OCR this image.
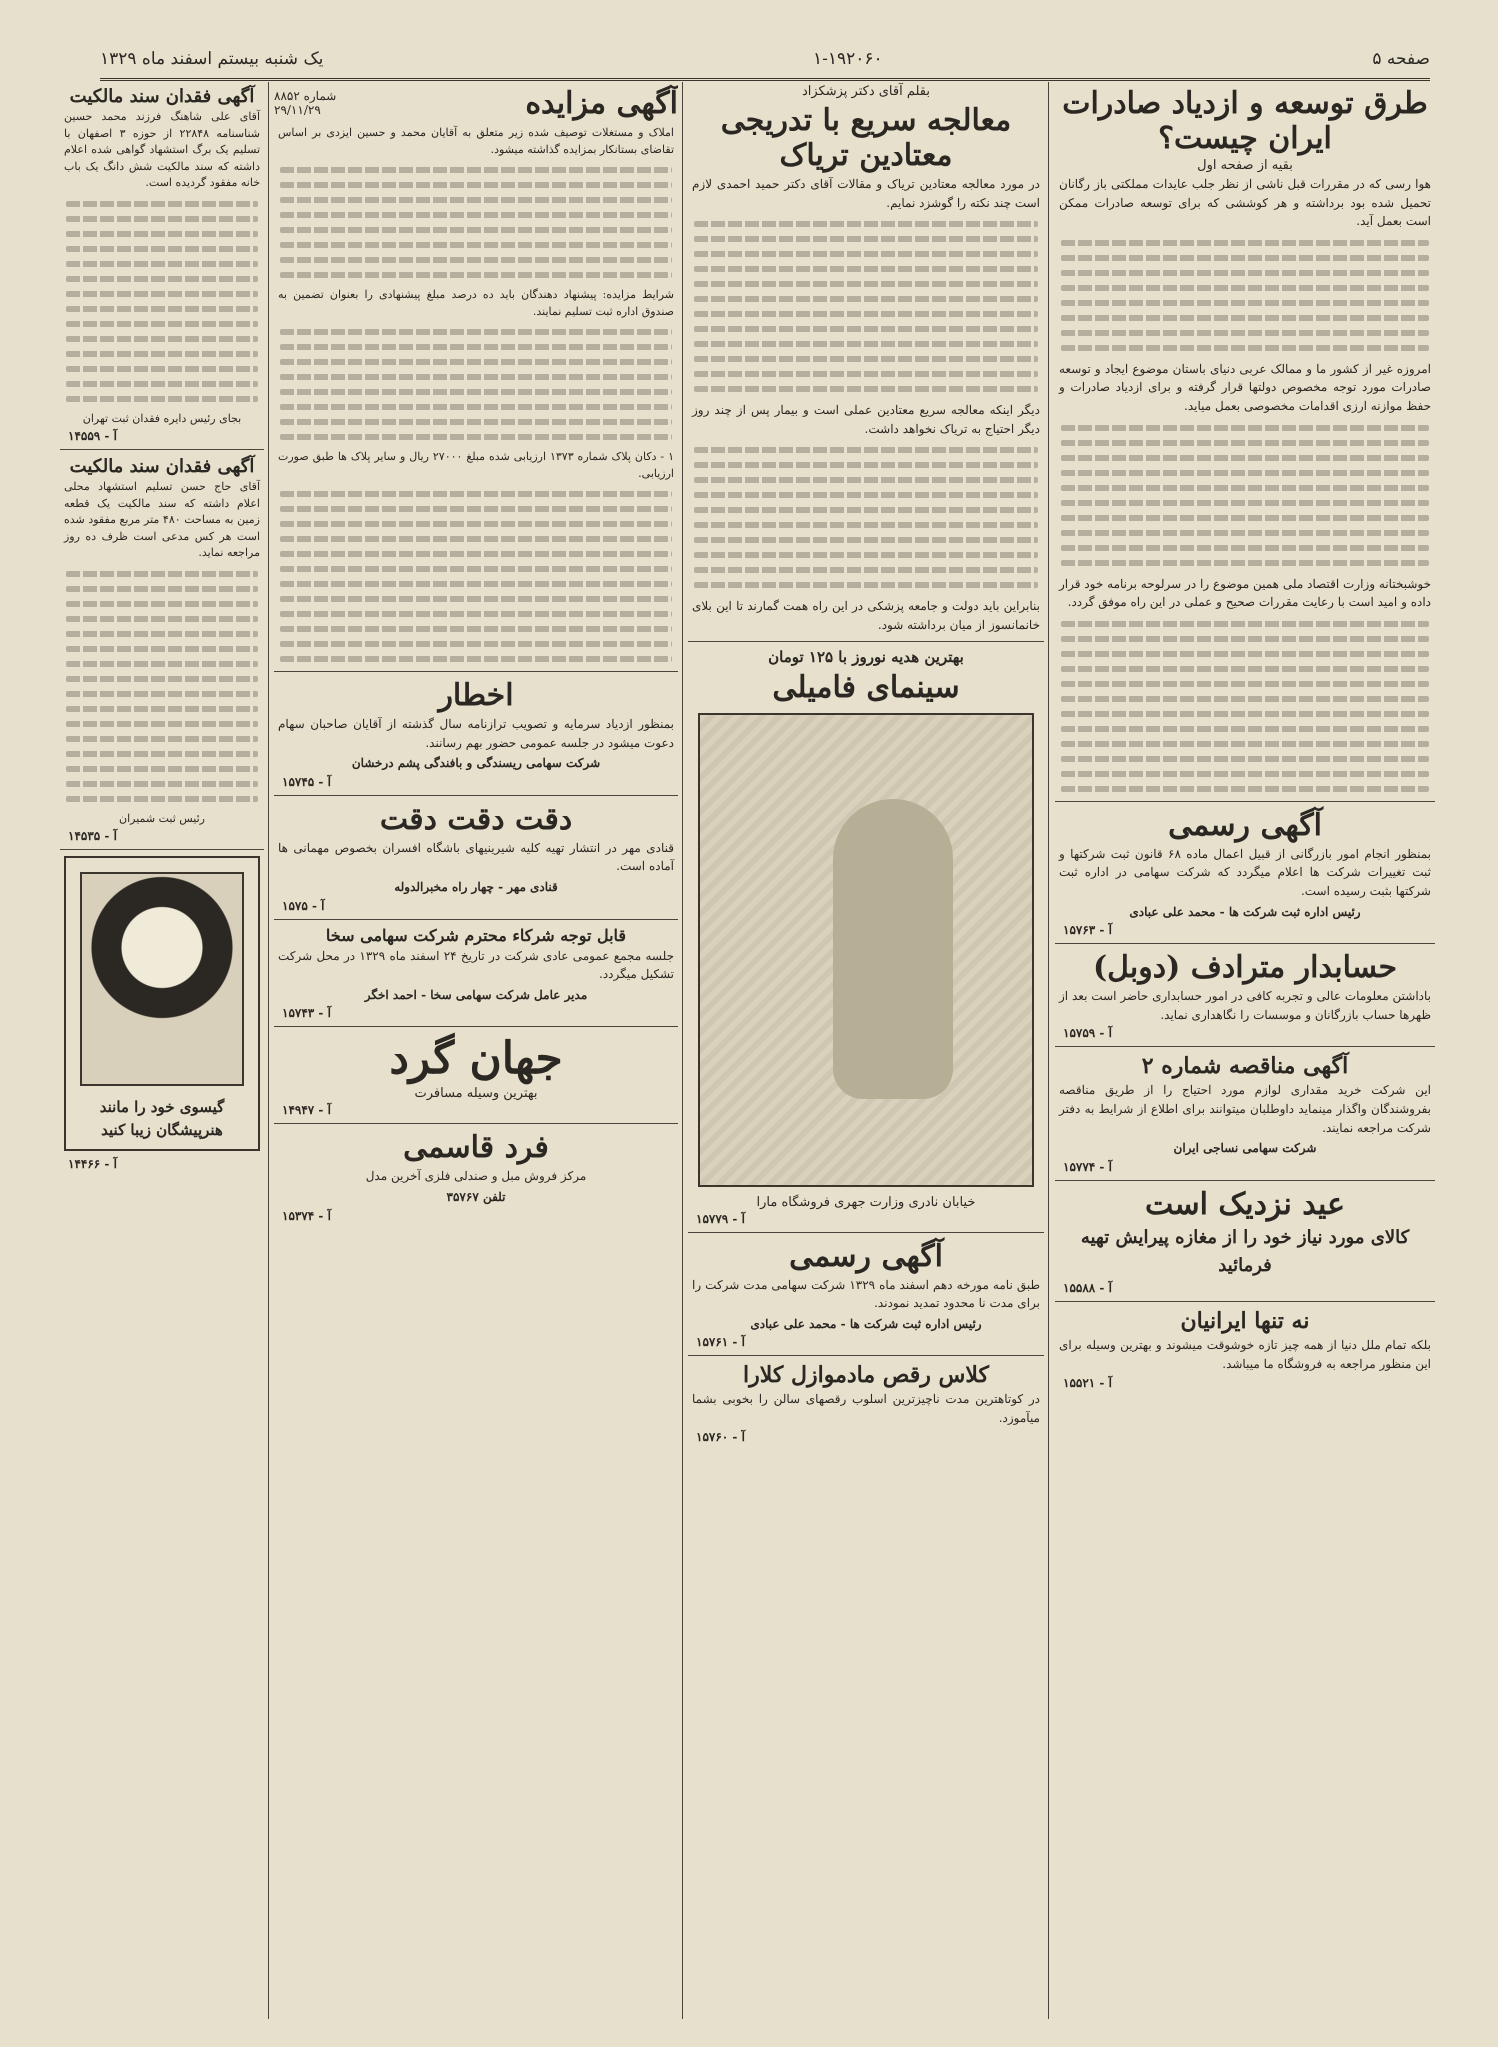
صفحه ۵
۱-۱۹۲۰۶۰
یک شنبه بیستم اسفند ماه ۱۳۲۹
طرق توسعه و ازدیاد صادرات ایران چیست؟
بقیه از صفحه اول
هوا رسی که در مقررات قبل ناشی از نظر جلب عایدات مملکتی باز رگانان تحمیل شده بود برداشته و هر کوششی که برای توسعه صادرات ممکن است بعمل آید.
امروزه غیر از کشور ما و ممالک عربی دنیای باستان موضوع ایجاد و توسعه صادرات مورد توجه مخصوص دولتها قرار گرفته و برای ازدیاد صادرات و حفظ موازنه ارزی اقدامات مخصوصی بعمل میاید.
خوشبختانه وزارت اقتصاد ملی همین موضوع را در سرلوحه برنامه خود قرار داده و امید است با رعایت مقررات صحیح و عملی در این راه موفق گردد.
آگهی رسمی
بمنظور انجام امور بازرگانی از قبیل اعمال ماده ۶۸ قانون ثبت شرکتها و ثبت تغییرات شرکت ها اعلام میگردد که شرکت سهامی در اداره ثبت شرکتها بثبت رسیده است.
رئیس اداره ثبت شرکت ها - محمد علی عبادی
آ - ۱۵۷۶۳
حسابدار مترادف (دوبل)
باداشتن معلومات عالی و تجربه کافی در امور حسابداری حاضر است بعد از ظهرها حساب بازرگانان و موسسات را نگاهداری نماید.
آ - ۱۵۷۵۹
آگهی مناقصه شماره ۲
این شرکت خرید مقداری لوازم مورد احتیاج را از طریق مناقصه بفروشندگان واگذار مینماید داوطلبان میتوانند برای اطلاع از شرایط به دفتر شرکت مراجعه نمایند.
شرکت سهامی نساجی ایران
آ - ۱۵۷۷۴
عید نزدیک است
کالای مورد نیاز خود را از مغازه پیرایش تهیه فرمائید
آ - ۱۵۵۸۸
نه تنها ایرانیان
بلکه تمام ملل دنیا از همه چیز تازه خوشوقت میشوند و بهترین وسیله برای این منظور مراجعه به فروشگاه ما میباشد.
آ - ۱۵۵۲۱
بقلم آقای دکتر پزشکزاد
معالجه سریع با تدریجی معتادین تریاک
در مورد معالجه معتادین تریاک و مقالات آقای دکتر حمید احمدی لازم است چند نکته را گوشزد نمایم.
دیگر اینکه معالجه سریع معتادین عملی است و بیمار پس از چند روز دیگر احتیاج به تریاک نخواهد داشت.
بنابراین باید دولت و جامعه پزشکی در این راه همت گمارند تا این بلای خانمانسوز از میان برداشته شود.
بهترین هدیه نوروز با ۱۲۵ تومان
سینمای فامیلی
خیابان نادری وزارت جهری فروشگاه مارا
آ - ۱۵۷۷۹
آگهی رسمی
طبق نامه مورخه دهم اسفند ماه ۱۳۲۹ شرکت سهامی مدت شرکت را برای مدت نا محدود تمدید نمودند.
رئیس اداره ثبت شرکت ها - محمد علی عبادی
آ - ۱۵۷۶۱
کلاس رقص مادموازل کلارا
در کوتاهترین مدت ناچیزترین اسلوب رقصهای سالن را بخوبی بشما میآموزد.
آ - ۱۵۷۶۰
آگهی مزایده
شماره ۸۸۵۲
۲۹/۱۱/۲۹
املاک و مستغلات توصیف شده زیر متعلق به آقایان محمد و حسین ایزدی بر اساس تقاضای بستانکار بمزایده گذاشته میشود.
شرایط مزایده: پیشنهاد دهندگان باید ده درصد مبلغ پیشنهادی را بعنوان تضمین به صندوق اداره ثبت تسلیم نمایند.
۱ - دکان پلاک شماره ۱۳۷۳ ارزیابی شده مبلغ ۲۷۰۰۰ ریال و سایر پلاک ها طبق صورت ارزیابی.
اخطار
بمنظور ازدیاد سرمایه و تصویب ترازنامه سال گذشته از آقایان صاحبان سهام دعوت میشود در جلسه عمومی حضور بهم رسانند.
شرکت سهامی ریسندگی و بافندگی پشم درخشان
آ - ۱۵۷۴۵
دقت دقت دقت
قنادی مهر در انتشار تهیه کلیه شیرینیهای باشگاه افسران بخصوص مهمانی ها آماده است.
قنادی مهر - چهار راه مخبرالدوله
آ - ۱۵۷۵
قابل توجه شرکاء محترم شرکت سهامی سخا
جلسه مجمع عمومی عادی شرکت در تاریخ ۲۴ اسفند ماه ۱۳۲۹ در محل شرکت تشکیل میگردد.
مدیر عامل شرکت سهامی سخا - احمد اخگر
آ - ۱۵۷۴۳
جهان گرد
بهترین وسیله مسافرت
آ - ۱۴۹۴۷
فرد قاسمی
مرکز فروش مبل و صندلی فلزی آخرین مدل
تلفن ۳۵۷۶۷
آ - ۱۵۳۷۴
آگهی فقدان سند مالکیت
آقای علی شاهنگ فرزند محمد حسین شناسنامه ۲۲۸۴۸ از حوزه ۳ اصفهان با تسلیم یک برگ استشهاد گواهی شده اعلام داشته که سند مالکیت شش دانگ یک باب خانه مفقود گردیده است.
بجای رئیس دایره فقدان ثبت تهران
آ - ۱۴۵۵۹
آگهی فقدان سند مالکیت
آقای حاج حسن تسلیم استشهاد محلی اعلام داشته که سند مالکیت یک قطعه زمین به مساحت ۴۸۰ متر مربع مفقود شده است هر کس مدعی است ظرف ده روز مراجعه نماید.
رئیس ثبت شمیران
آ - ۱۴۵۳۵
گیسوی خود را مانند هنرپیشگان زیبا کنید
آ - ۱۴۴۶۶
